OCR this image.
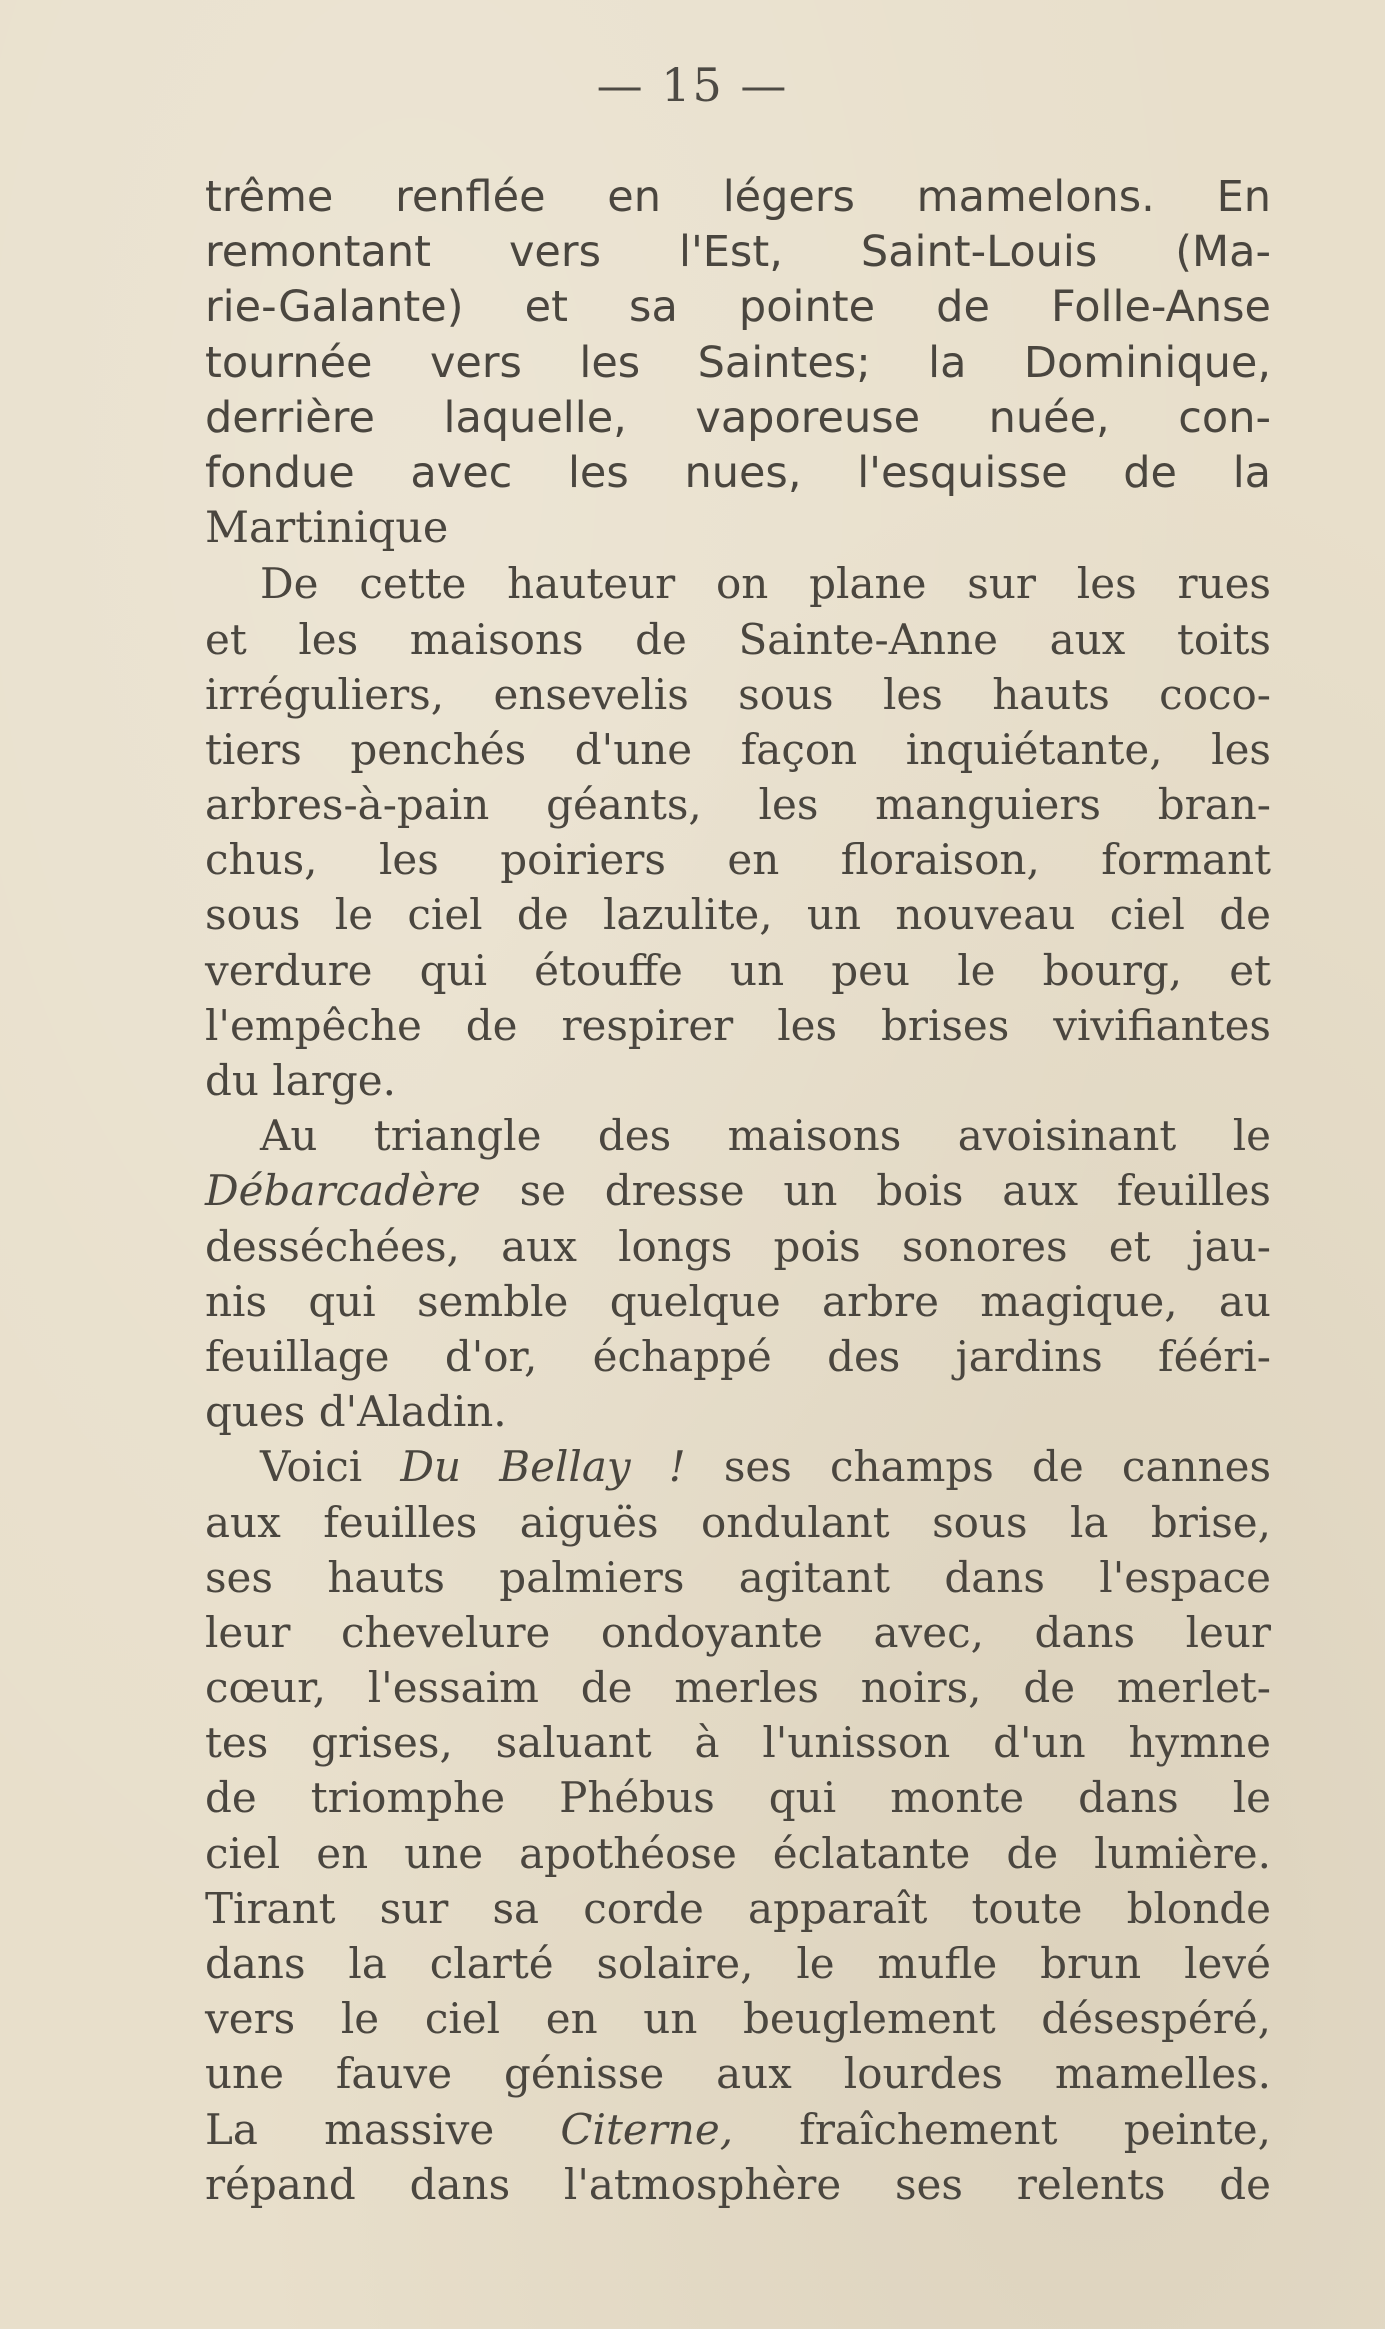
— 15 —
trême renflée en légers mamelons. En
remontant vers l'Est, Saint-Louis (Ma-
rie-Galante) et sa pointe de Folle-Anse
tournée vers les Saintes; la Dominique,
derrière laquelle, vaporeuse nuée, con-
fondue avec les nues, l'esquisse de la
Martinique
De cette hauteur on plane sur les rues
et les maisons de Sainte-Anne aux toits
irréguliers, ensevelis sous les hauts coco-
tiers penchés d'une façon inquiétante, les
arbres-à-pain géants, les manguiers bran-
chus, les poiriers en floraison, formant
sous le ciel de lazulite, un nouveau ciel de
verdure qui étouffe un peu le bourg, et
l'empêche de respirer les brises vivifiantes
du large.
Au triangle des maisons avoisinant le
Débarcadère se dresse un bois aux feuilles
desséchées, aux longs pois sonores et jau-
nis qui semble quelque arbre magique, au
feuillage d'or, échappé des jardins fééri-
ques d'Aladin.
Voici Du Bellay ! ses champs de cannes
aux feuilles aiguës ondulant sous la brise,
ses hauts palmiers agitant dans l'espace
leur chevelure ondoyante avec, dans leur
cœur, l'essaim de merles noirs, de merlet-
tes grises, saluant à l'unisson d'un hymne
de triomphe Phébus qui monte dans le
ciel en une apothéose éclatante de lumière.
Tirant sur sa corde apparaît toute blonde
dans la clarté solaire, le mufle brun levé
vers le ciel en un beuglement désespéré,
une fauve génisse aux lourdes mamelles.
La massive Citerne, fraîchement peinte,
répand dans l'atmosphère ses relents de
